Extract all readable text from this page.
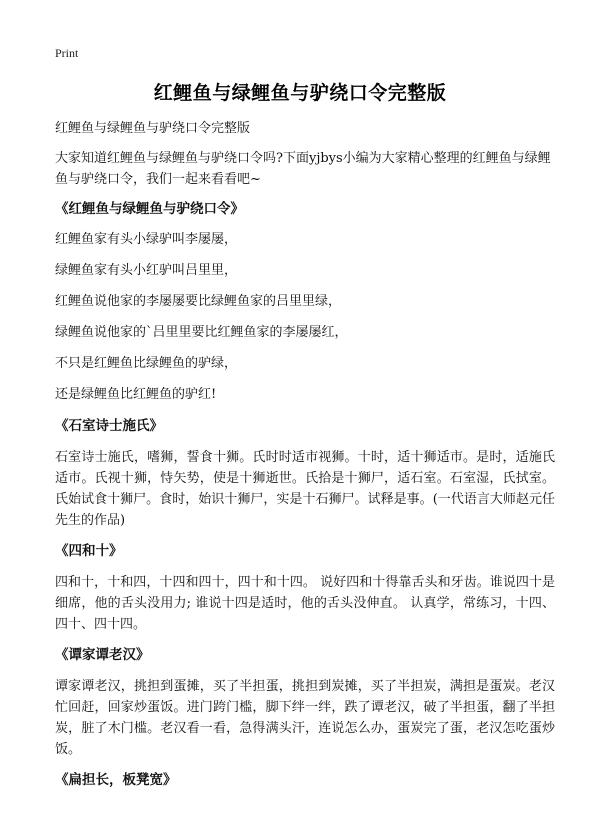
Print
红鲤鱼与绿鲤鱼与驴绕口令完整版

红鲤鱼与绿鲤鱼与驴绕口令完整版

大家知道红鲤鱼与绿鲤鱼与驴绕口令吗?下面yjbys小编为大家精心整理的红鲤鱼与绿鲤鱼与驴绕口令，我们一起来看看吧~

《红鲤鱼与绿鲤鱼与驴绕口令》

红鲤鱼家有头小绿驴叫李屡屡，

绿鲤鱼家有头小红驴叫吕里里，

红鲤鱼说他家的李屡屡要比绿鲤鱼家的吕里里绿，

绿鲤鱼说他家的`吕里里要比红鲤鱼家的李屡屡红，

不只是红鲤鱼比绿鲤鱼的驴绿，

还是绿鲤鱼比红鲤鱼的驴红!

《石室诗士施氏》

石室诗士施氏，嗜狮，誓食十狮。氏时时适市视狮。十时，适十狮适市。是时，适施氏适市。氏视十狮，恃矢势，使是十狮逝世。氏拾是十狮尸，适石室。石室湿，氏拭室。氏始试食十狮尸。食时，始识十狮尸，实是十石狮尸。试释是事。(一代语言大师赵元任先生的作品)

《四和十》

四和十，十和四，十四和四十，四十和十四。 说好四和十得靠舌头和牙齿。谁说四十是细席，他的舌头没用力; 谁说十四是适时，他的舌头没伸直。 认真学，常练习，十四、四十、四十四。

《谭家谭老汉》

谭家谭老汉，挑担到蛋摊，买了半担蛋，挑担到炭摊，买了半担炭，满担是蛋炭。老汉忙回赶，回家炒蛋饭。进门跨门槛，脚下绊一绊，跌了谭老汉，破了半担蛋，翻了半担炭，脏了木门槛。老汉看一看，急得满头汗，连说怎么办，蛋炭完了蛋，老汉怎吃蛋炒饭。

《扁担长，板凳宽》
